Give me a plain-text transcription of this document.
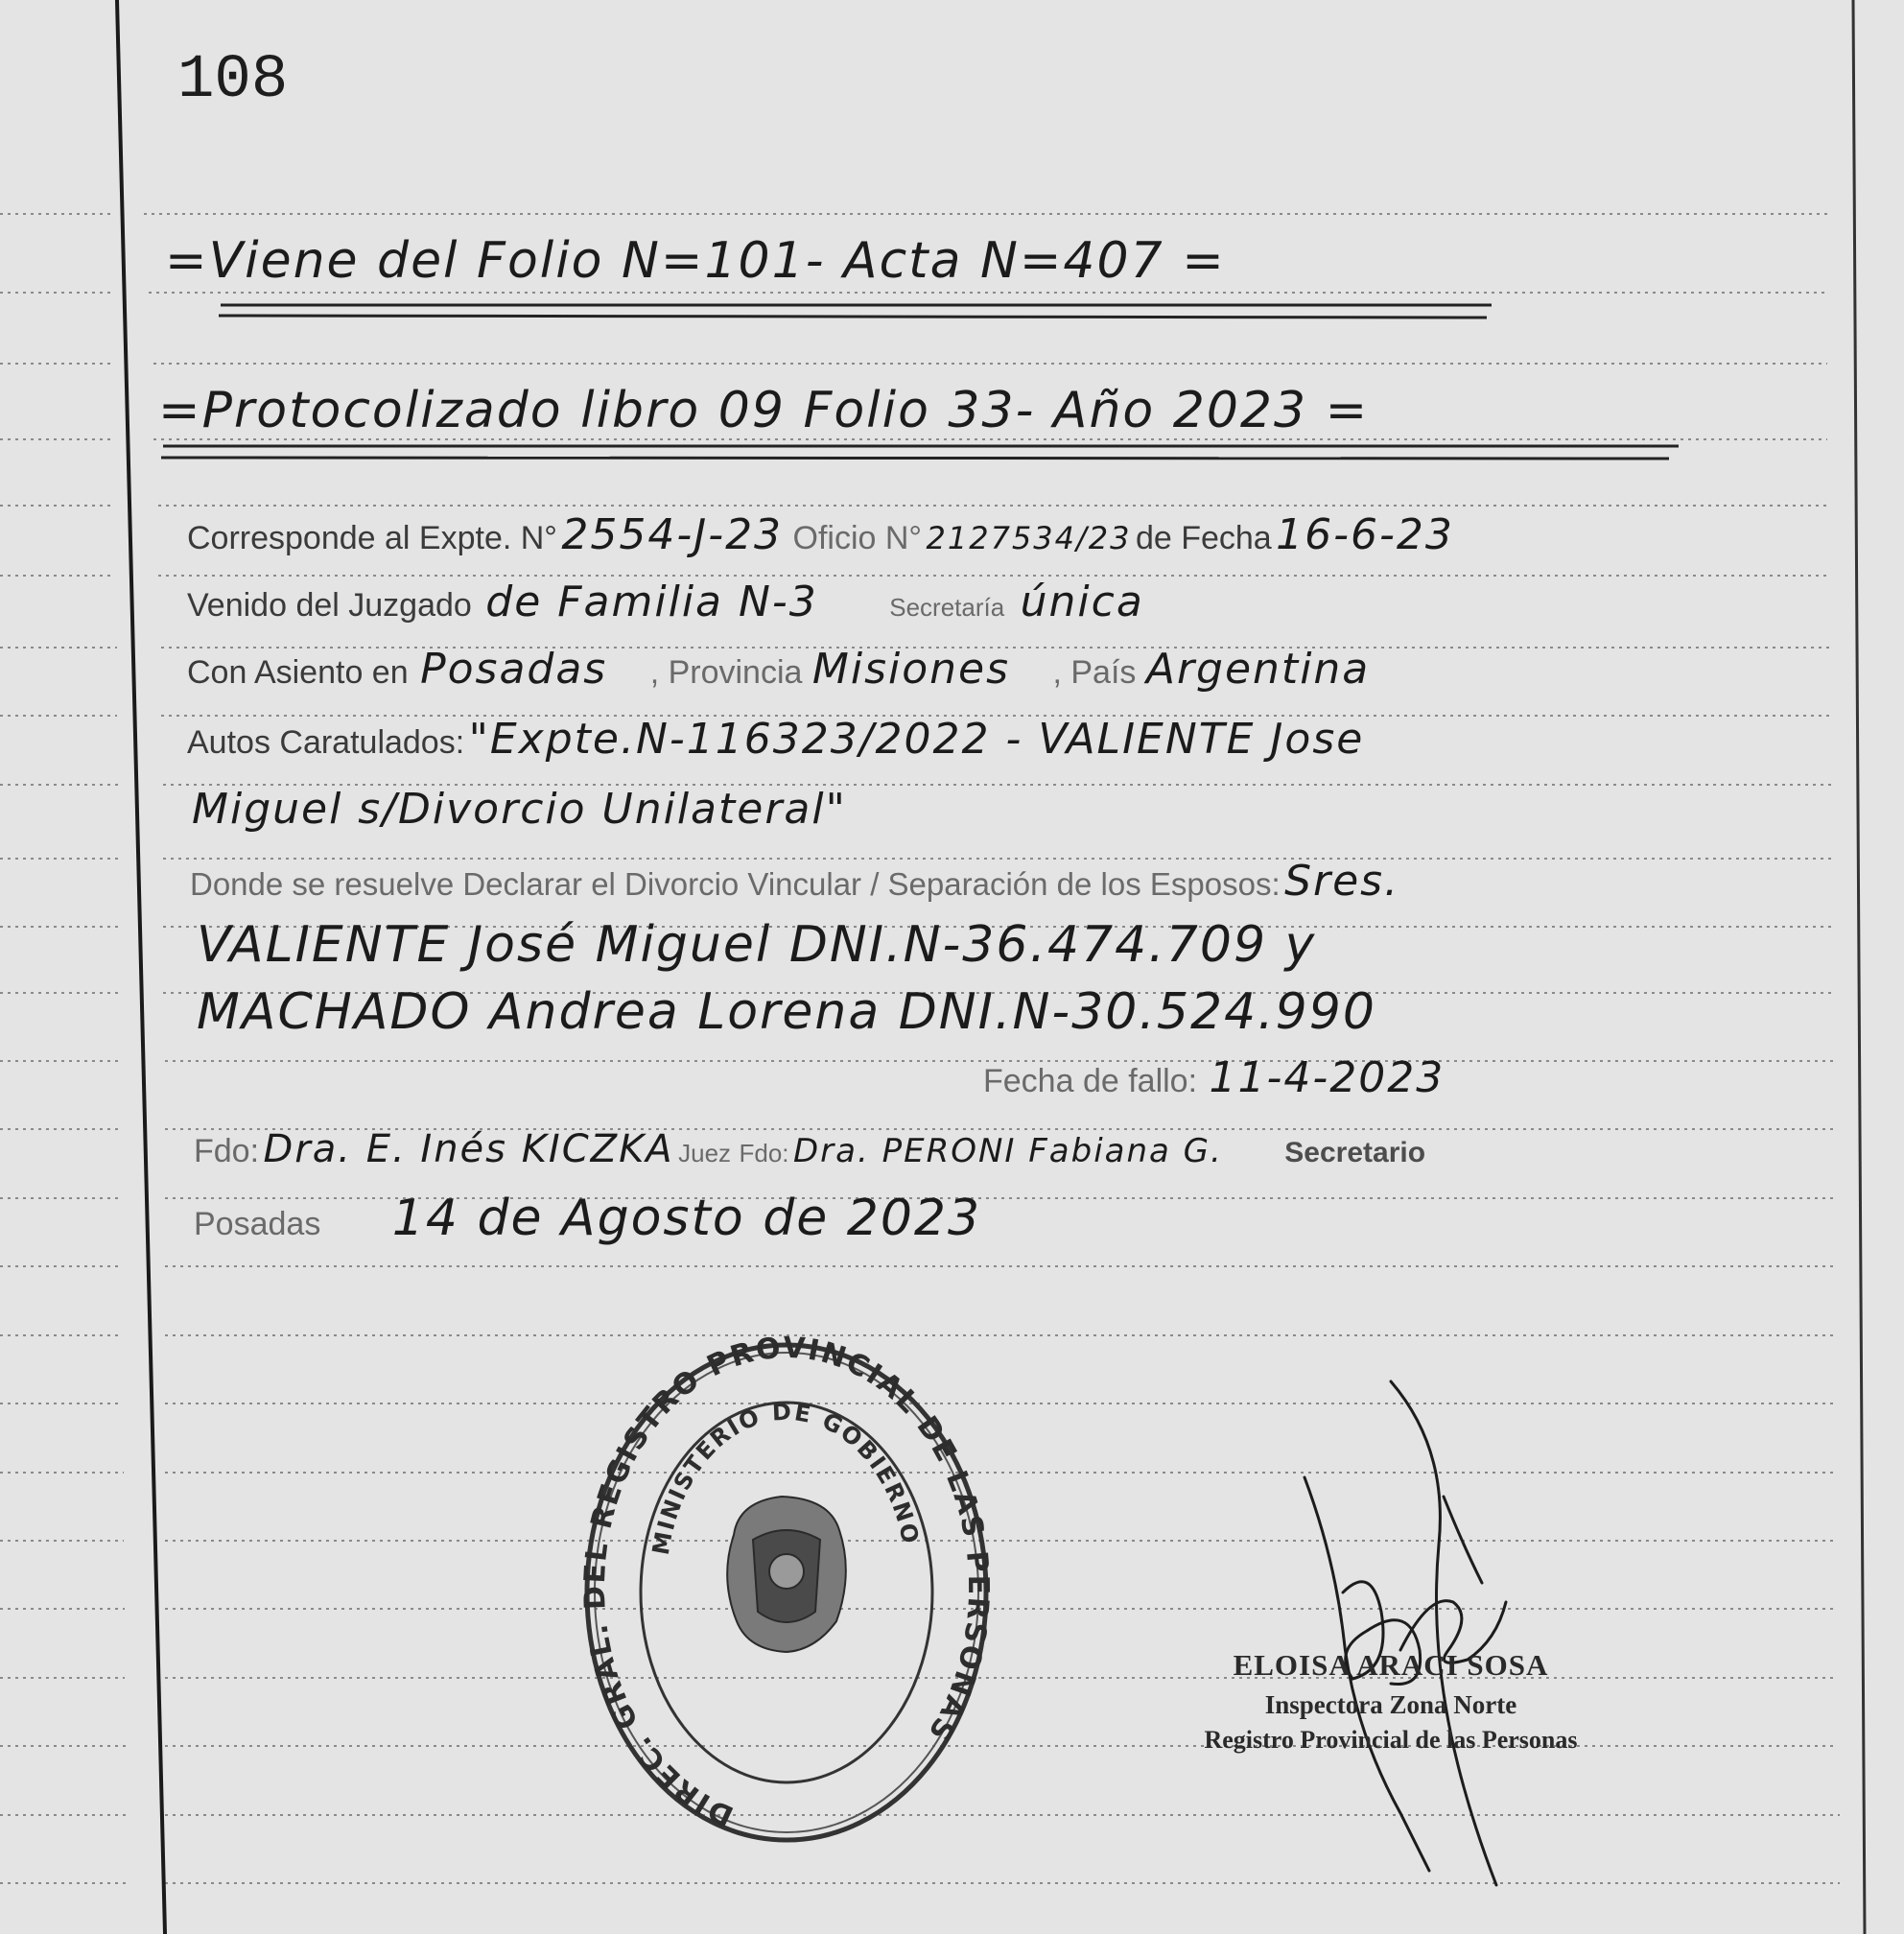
108
=Viene del Folio N=101- Acta N=407 =
=Protocolizado libro 09 Folio 33- Año 2023 =
Corresponde al Expte. N° 2554-J-23 Oficio N° 2127534/23 de Fecha 16-6-23
Venido del Juzgado de Familia N-3	Secretaría única
Con Asiento en Posadas , Provincia Misiones , País Argentina
Autos Caratulados: "Expte.N-116323/2022 - VALIENTE Jose
Miguel s/Divorcio Unilateral"
Donde se resuelve Declarar el Divorcio Vincular / Separación de los Esposos: Sres.
VALIENTE José Miguel DNI.N-36.474.709 y
MACHADO Andrea Lorena DNI.N-30.524.990
Fecha de fallo: 11-4-2023
Fdo: Dra. E. Inés KICZKA Juez Fdo: Dra. PERONI Fabiana G. Secretario
Posadas 14 de Agosto de 2023
DIREC. GRAL. DEL REGISTRO PROVINCIAL DE LAS PERSONAS
MINISTERIO DE GOBIERNO
ELOISA ARACI SOSA
Inspectora Zona Norte
Registro Provincial de las Personas
